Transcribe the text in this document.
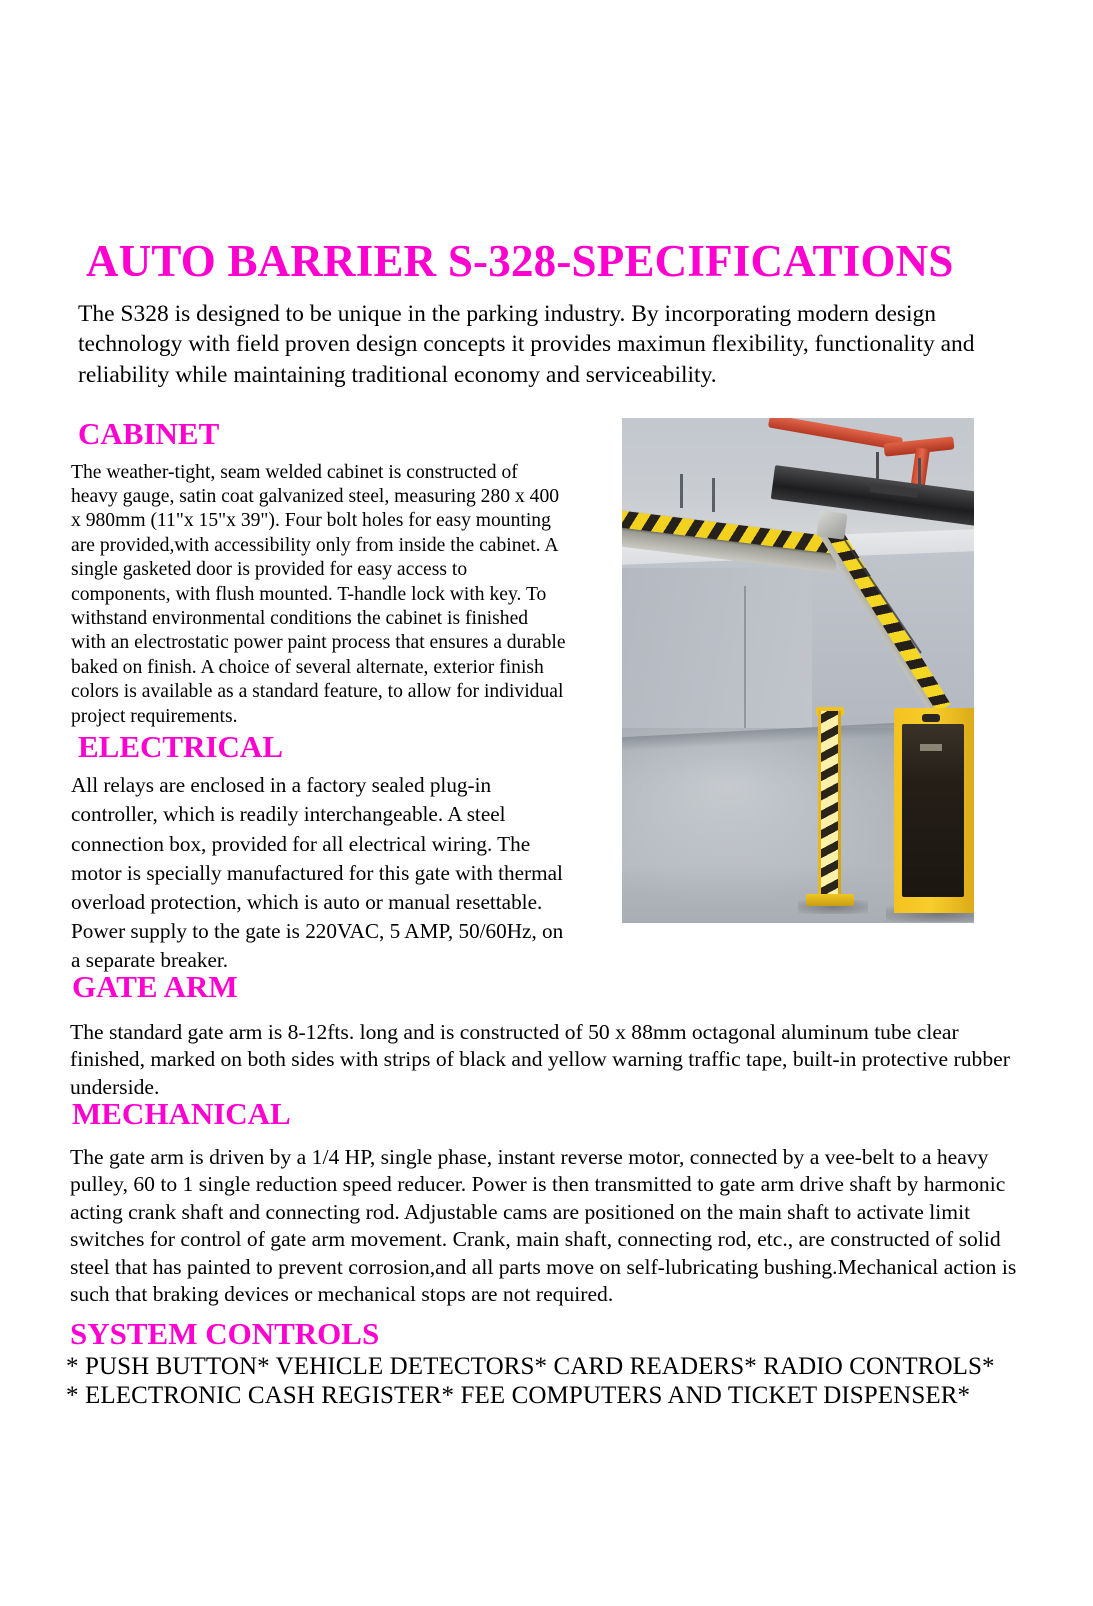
AUTO BARRIER S-328-SPECIFICATIONS

The S328 is designed to be unique in the parking industry. By incorporating modern design technology with field proven design concepts it provides maximun flexibility, functionality and reliability while maintaining traditional economy and serviceability.

CABINET

The weather-tight, seam welded cabinet is constructed of heavy gauge, satin coat galvanized steel, measuring 280 x 400 x 980mm (11"x 15"x 39"). Four bolt holes for easy mounting are provided,with accessibility only from inside the cabinet. A single gasketed door is provided for easy access to components, with flush mounted. T-handle lock with key. To withstand environmental conditions the cabinet is finished with an electrostatic power paint process that ensures a durable baked on finish. A choice of several alternate, exterior finish colors is available as a standard feature, to allow for individual project requirements.

ELECTRICAL

All relays are enclosed in a factory sealed plug-in controller, which is readily interchangeable. A steel connection box, provided for all electrical wiring. The motor is specially manufactured for this gate with thermal overload protection, which is auto or manual resettable. Power supply to the gate is 220VAC, 5 AMP, 50/60Hz, on a separate breaker.

GATE ARM

The standard gate arm is 8-12fts. long and is constructed of 50 x 88mm octagonal aluminum tube clear finished, marked on both sides with strips of black and yellow warning traffic tape, built-in protective rubber underside.

MECHANICAL

The gate arm is driven by a 1/4 HP, single phase, instant reverse motor, connected by a vee-belt to a heavy pulley, 60 to 1 single reduction speed reducer. Power is then transmitted to gate arm drive shaft by harmonic acting crank shaft and connecting rod. Adjustable cams are positioned on the main shaft to activate limit switches for control of gate arm movement. Crank, main shaft, connecting rod, etc., are constructed of solid steel that has painted to prevent corrosion,and all parts move on self-lubricating bushing.Mechanical action is such that braking devices or mechanical stops are not required.

SYSTEM CONTROLS
* PUSH BUTTON* VEHICLE DETECTORS* CARD READERS* RADIO CONTROLS*
* ELECTRONIC CASH REGISTER* FEE COMPUTERS AND TICKET DISPENSER*
